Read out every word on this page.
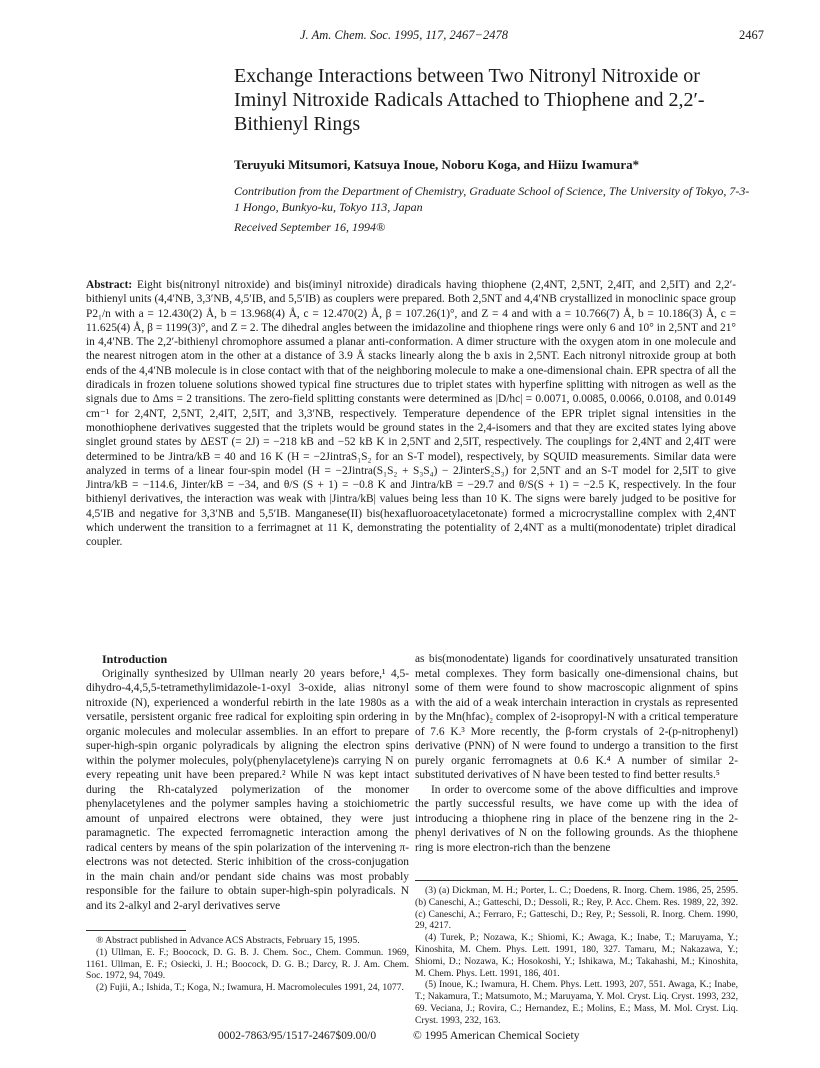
J. Am. Chem. Soc. 1995, 117, 2467−2478	2467
Exchange Interactions between Two Nitronyl Nitroxide or Iminyl Nitroxide Radicals Attached to Thiophene and 2,2′-Bithienyl Rings
Teruyuki Mitsumori, Katsuya Inoue, Noboru Koga, and Hiizu Iwamura*
Contribution from the Department of Chemistry, Graduate School of Science, The University of Tokyo, 7-3-1 Hongo, Bunkyo-ku, Tokyo 113, Japan
Received September 16, 1994®
Abstract: Eight bis(nitronyl nitroxide) and bis(iminyl nitroxide) diradicals having thiophene (2,4NT, 2,5NT, 2,4IT, and 2,5IT) and 2,2′-bithienyl units (4,4′NB, 3,3′NB, 4,5′IB, and 5,5′IB) as couplers were prepared. Both 2,5NT and 4,4′NB crystallized in monoclinic space group P2₁/n with a = 12.430(2) Å, b = 13.968(4) Å, c = 12.470(2) Å, β = 107.26(1)°, and Z = 4 and with a = 10.766(7) Å, b = 10.186(3) Å, c = 11.625(4) Å, β = 1199(3)°, and Z = 2. The dihedral angles between the imidazoline and thiophene rings were only 6 and 10° in 2,5NT and 21° in 4,4′NB. The 2,2′-bithienyl chromophore assumed a planar anti-conformation. A dimer structure with the oxygen atom in one molecule and the nearest nitrogen atom in the other at a distance of 3.9 Å stacks linearly along the b axis in 2,5NT. Each nitronyl nitroxide group at both ends of the 4,4′NB molecule is in close contact with that of the neighboring molecule to make a one-dimensional chain. EPR spectra of all the diradicals in frozen toluene solutions showed typical fine structures due to triplet states with hyperfine splitting with nitrogen as well as the signals due to Δms = 2 transitions. The zero-field splitting constants were determined as |D/hc| = 0.0071, 0.0085, 0.0066, 0.0108, and 0.0149 cm⁻¹ for 2,4NT, 2,5NT, 2,4IT, 2,5IT, and 3,3′NB, respectively. Temperature dependence of the EPR triplet signal intensities in the monothiophene derivatives suggested that the triplets would be ground states in the 2,4-isomers and that they are excited states lying above singlet ground states by ΔEST (= 2J) = −218 kB and −52 kB K in 2,5NT and 2,5IT, respectively. The couplings for 2,4NT and 2,4IT were determined to be Jintra/kB = 40 and 16 K (H = −2JintraS₁S₂ for an S-T model), respectively, by SQUID measurements. Similar data were analyzed in terms of a linear four-spin model (H = −2Jintra(S₁S₂ + S₃S₄) − 2JinterS₂S₃) for 2,5NT and an S-T model for 2,5IT to give Jintra/kB = −114.6, Jinter/kB = −34, and θ/S (S + 1) = −0.8 K and Jintra/kB = −29.7 and θ/S(S + 1) = −2.5 K, respectively. In the four bithienyl derivatives, the interaction was weak with |Jintra/kB| values being less than 10 K. The signs were barely judged to be positive for 4,5′IB and negative for 3,3′NB and 5,5′IB. Manganese(II) bis(hexafluoroacetylacetonate) formed a microcrystalline complex with 2,4NT which underwent the transition to a ferrimagnet at 11 K, demonstrating the potentiality of 2,4NT as a multi(monodentate) triplet diradical coupler.

Introduction

Originally synthesized by Ullman nearly 20 years before,¹ 4,5-dihydro-4,4,5,5-tetramethylimidazole-1-oxyl 3-oxide, alias nitronyl nitroxide (N), experienced a wonderful rebirth in the late 1980s as a versatile, persistent organic free radical for exploiting spin ordering in organic molecules and molecular assemblies. In an effort to prepare super-high-spin organic polyradicals by aligning the electron spins within the polymer molecules, poly(phenylacetylene)s carrying N on every repeating unit have been prepared.² While N was kept intact during the Rh-catalyzed polymerization of the monomer phenylacetylenes and the polymer samples having a stoichiometric amount of unpaired electrons were obtained, they were just paramagnetic. The expected ferromagnetic interaction among the radical centers by means of the spin polarization of the intervening π-electrons was not detected. Steric inhibition of the cross-conjugation in the main chain and/or pendant side chains was most probably responsible for the failure to obtain super-high-spin polyradicals. N and its 2-alkyl and 2-aryl derivatives serve

as bis(monodentate) ligands for coordinatively unsaturated transition metal complexes. They form basically one-dimensional chains, but some of them were found to show macroscopic alignment of spins with the aid of a weak interchain interaction in crystals as represented by the Mn(hfac)₂ complex of 2-isopropyl-N with a critical temperature of 7.6 K.³ More recently, the β-form crystals of 2-(p-nitrophenyl) derivative (PNN) of N were found to undergo a transition to the first purely organic ferromagnets at 0.6 K.⁴ A number of similar 2-substituted derivatives of N have been tested to find better results.⁵

In order to overcome some of the above difficulties and improve the partly successful results, we have come up with the idea of introducing a thiophene ring in place of the benzene ring in the 2-phenyl derivatives of N on the following grounds. As the thiophene ring is more electron-rich than the benzene

® Abstract published in Advance ACS Abstracts, February 15, 1995.

(1) Ullman, E. F.; Boocock, D. G. B. J. Chem. Soc., Chem. Commun. 1969, 1161. Ullman, E. F.; Osiecki, J. H.; Boocock, D. G. B.; Darcy, R. J. Am. Chem. Soc. 1972, 94, 7049.

(2) Fujii, A.; Ishida, T.; Koga, N.; Iwamura, H. Macromolecules 1991, 24, 1077.

(3) (a) Dickman, M. H.; Porter, L. C.; Doedens, R. Inorg. Chem. 1986, 25, 2595. (b) Caneschi, A.; Gatteschi, D.; Dessoli, R.; Rey, P. Acc. Chem. Res. 1989, 22, 392. (c) Caneschi, A.; Ferraro, F.; Gatteschi, D.; Rey, P.; Sessoli, R. Inorg. Chem. 1990, 29, 4217.

(4) Turek, P.; Nozawa, K.; Shiomi, K.; Awaga, K.; Inabe, T.; Maruyama, Y.; Kinoshita, M. Chem. Phys. Lett. 1991, 180, 327. Tamaru, M.; Nakazawa, Y.; Shiomi, D.; Nozawa, K.; Hosokoshi, Y.; Ishikawa, M.; Takahashi, M.; Kinoshita, M. Chem. Phys. Lett. 1991, 186, 401.

(5) Inoue, K.; Iwamura, H. Chem. Phys. Lett. 1993, 207, 551. Awaga, K.; Inabe, T.; Nakamura, T.; Matsumoto, M.; Maruyama, Y. Mol. Cryst. Liq. Cryst. 1993, 232, 69. Veciana, J.; Rovira, C.; Hernandez, E.; Molins, E.; Mass, M. Mol. Cryst. Liq. Cryst. 1993, 232, 163.

0002-7863/95/1517-2467$09.00/0	© 1995 American Chemical Society
